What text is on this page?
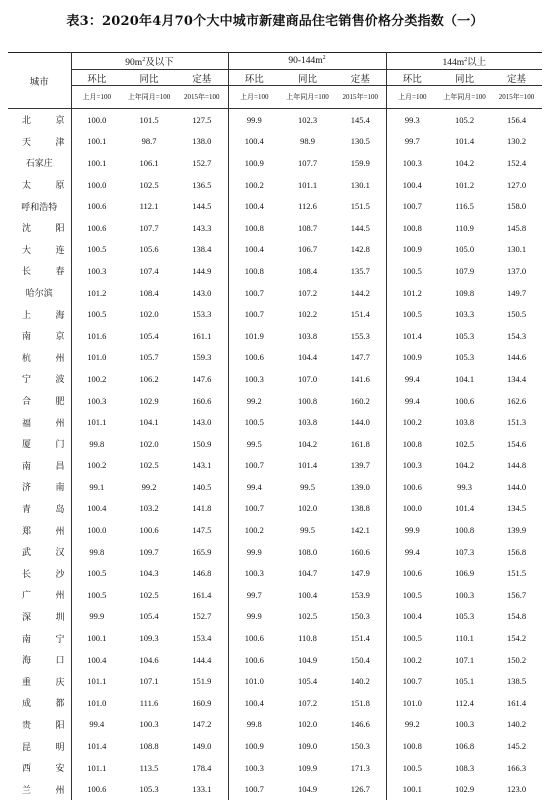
表3：2020年4月70个大中城市新建商品住宅销售价格分类指数（一）
城市	$90m^2$及以下			$90-144m^2$			$144m^2$以上		
	环比	同比	定基	环比	同比	定基	环比	同比	定基
	上月=100	上年同月=100	2015年=100	上月=100	上年同月=100	2015年=100	上月=100	上年同月=100	2015年=100

北 京	100.0	101.5	127.5	99.9	102.3	145.4	99.3	105.2	156.4

天 津	100.1	98.7	138.0	100.4	98.9	130.5	99.7	101.4	130.2

石家庄	100.1	106.1	152.7	100.9	107.7	159.9	100.3	104.2	152.4

太 原	100.0	102.5	136.5	100.2	101.1	130.1	100.4	101.2	127.0

呼和浩特	100.6	112.1	144.5	100.4	112.6	151.5	100.7	116.5	158.0

沈 阳	100.6	107.7	143.3	100.8	108.7	144.5	100.8	110.9	145.8

大 连	100.5	105.6	138.4	100.4	106.7	142.8	100.9	105.0	130.1

长 春	100.3	107.4	144.9	100.8	108.4	135.7	100.5	107.9	137.0

哈尔滨	101.2	108.4	143.0	100.7	107.2	144.2	101.2	109.8	149.7

上 海	100.5	102.0	153.3	100.7	102.2	151.4	100.5	103.3	150.5

南 京	101.6	105.4	161.1	101.9	103.8	155.3	101.4	105.3	154.3

杭 州	101.0	105.7	159.3	100.6	104.4	147.7	100.9	105.3	144.6

宁 波	100.2	106.2	147.6	100.3	107.0	141.6	99.4	104.1	134.4

合 肥	100.3	102.9	160.6	99.2	100.8	160.2	99.4	100.6	162.6

福 州	101.1	104.1	143.0	100.5	103.8	144.0	100.2	103.8	151.3

厦 门	99.8	102.0	150.9	99.5	104.2	161.8	100.8	102.5	154.6

南 昌	100.2	102.5	143.1	100.7	101.4	139.7	100.3	104.2	144.8

济 南	99.1	99.2	140.5	99.4	99.5	139.0	100.6	99.3	144.0

青 岛	100.4	103.2	141.8	100.7	102.0	138.8	100.0	101.4	134.5

郑 州	100.0	100.6	147.5	100.2	99.5	142.1	99.9	100.8	139.9

武 汉	99.8	109.7	165.9	99.9	108.0	160.6	99.4	107.3	156.8

长 沙	100.5	104.3	146.8	100.3	104.7	147.9	100.6	106.9	151.5

广 州	100.5	102.5	161.4	99.7	100.4	153.9	100.5	100.3	156.7

深 圳	99.9	105.4	152.7	99.9	102.5	150.3	100.4	105.3	154.8

南 宁	100.1	109.3	153.4	100.6	110.8	151.4	100.5	110.1	154.2

海 口	100.4	104.6	144.4	100.6	104.9	150.4	100.2	107.1	150.2

重 庆	101.1	107.1	151.9	101.0	105.4	140.2	100.7	105.1	138.5

成 都	101.0	111.6	160.9	100.4	107.2	151.8	101.0	112.4	161.4

贵 阳	99.4	100.3	147.2	99.8	102.0	146.6	99.2	100.3	140.2

昆 明	101.4	108.8	149.0	100.9	109.0	150.3	100.8	106.8	145.2

西 安	101.1	113.5	178.4	100.3	109.9	171.3	100.5	108.3	166.3

兰 州	100.6	105.3	133.1	100.7	104.9	126.7	100.1	102.9	123.0
